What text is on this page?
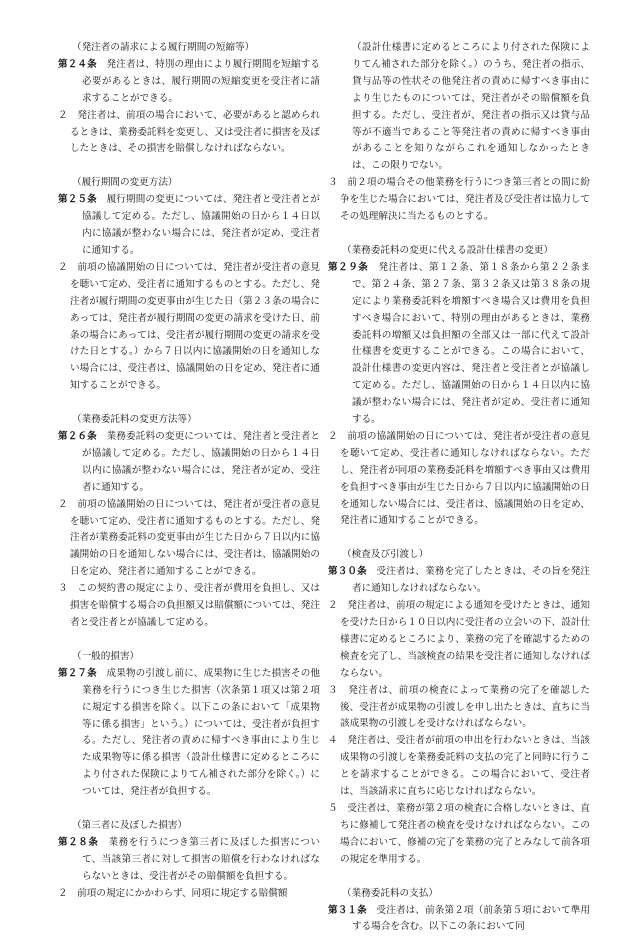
（発注者の請求による履行期間の短縮等）
第２４条　発注者は、特別の理由により履行期間を短縮する必要があるときは、履行期間の短縮変更を受注者に請求することができる。
２　発注者は、前項の場合において、必要があると認められるときは、業務委託料を変更し、又は受注者に損害を及ぼしたときは、その損害を賠償しなければならない。
（履行期間の変更方法）
第２５条　履行期間の変更については、発注者と受注者とが協議して定める。ただし、協議開始の日から１４日以内に協議が整わない場合には、発注者が定め、受注者に通知する。
２　前項の協議開始の日については、発注者が受注者の意見を聴いて定め、受注者に通知するものとする。ただし、発注者が履行期間の変更事由が生じた日（第２３条の場合にあっては、発注者が履行期間の変更の請求を受けた日、前条の場合にあっては、受注者が履行期間の変更の請求を受けた日とする。）から７日以内に協議開始の日を通知しない場合には、受注者は、協議開始の日を定め、発注者に通知することができる。
（業務委託料の変更方法等）
第２６条　業務委託料の変更については、発注者と受注者とが協議して定める。ただし、協議開始の日から１４日以内に協議が整わない場合には、発注者が定め、受注者に通知する。
２　前項の協議開始の日については、発注者が受注者の意見を聴いて定め、受注者に通知するものとする。ただし、発注者が業務委託料の変更事由が生じた日から７日以内に協議開始の日を通知しない場合には、受注者は、協議開始の日を定め、発注者に通知することができる。
３　この契約書の規定により、受注者が費用を負担し、又は損害を賠償する場合の負担額又は賠償額については、発注者と受注者とが協議して定める。
（一般的損害）
第２７条　成果物の引渡し前に、成果物に生じた損害その他業務を行うにつき生じた損害（次条第１項又は第２項に規定する損害を除く。以下この条において「成果物等に係る損害」という。）については、受注者が負担する。ただし、発注者の責めに帰すべき事由により生じた成果物等に係る損害（設計仕様書に定めるところにより付された保険によりてん補された部分を除く。）については、発注者が負担する。
（第三者に及ぼした損害）
第２８条　業務を行うにつき第三者に及ぼした損害について、当該第三者に対して損害の賠償を行わなければならないときは、受注者がその賠償額を負担する。
２　前項の規定にかかわらず、同項に規定する賠償額
（設計仕様書に定めるところにより付された保険によりてん補された部分を除く。）のうち、発注者の指示、貸与品等の性状その他発注者の責めに帰すべき事由により生じたものについては、発注者がその賠償額を負担する。ただし、受注者が、発注者の指示又は貸与品等が不適当であること等発注者の責めに帰すべき事由があることを知りながらこれを通知しなかったときは、この限りでない。
３　前２項の場合その他業務を行うにつき第三者との間に紛争を生じた場合においては、発注者及び受注者は協力してその処理解決に当たるものとする。
（業務委託料の変更に代える設計仕様書の変更）
第２９条　発注者は、第１２条、第１８条から第２２条まで、第２４条、第２７条、第３２条又は第３８条の規定により業務委託料を増額すべき場合又は費用を負担すべき場合において、特別の理由があるときは、業務委託料の増額又は負担額の全部又は一部に代えて設計仕様書を変更することができる。この場合において、設計仕様書の変更内容は、発注者と受注者とが協議して定める。ただし、協議開始の日から１４日以内に協議が整わない場合には、発注者が定め、受注者に通知する。
２　前項の協議開始の日については、発注者が受注者の意見を聴いて定め、受注者に通知しなければならない。ただし、発注者が同項の業務委託料を増額すべき事由又は費用を負担すべき事由が生じた日から７日以内に協議開始の日を通知しない場合には、受注者は、協議開始の日を定め、発注者に通知することができる。
（検査及び引渡し）
第３０条　受注者は、業務を完了したときは、その旨を発注者に通知しなければならない。
２　発注者は、前項の規定による通知を受けたときは、通知を受けた日から１０日以内に受注者の立会いの下、設計仕様書に定めるところにより、業務の完了を確認するための検査を完了し、当該検査の結果を受注者に通知しなければならない。
３　発注者は、前項の検査によって業務の完了を確認した後、受注者が成果物の引渡しを申し出たときは、直ちに当該成果物の引渡しを受けなければならない。
４　発注者は、受注者が前項の申出を行わないときは、当該成果物の引渡しを業務委託料の支払の完了と同時に行うことを請求することができる。この場合において、受注者は、当該請求に直ちに応じなければならない。
５　受注者は、業務が第２項の検査に合格しないときは、直ちに修補して発注者の検査を受けなければならない。この場合において、修補の完了を業務の完了とみなして前各項の規定を準用する。
（業務委託料の支払）
第３１条　受注者は、前条第２項（前条第５項において準用する場合を含む。以下この条において同
